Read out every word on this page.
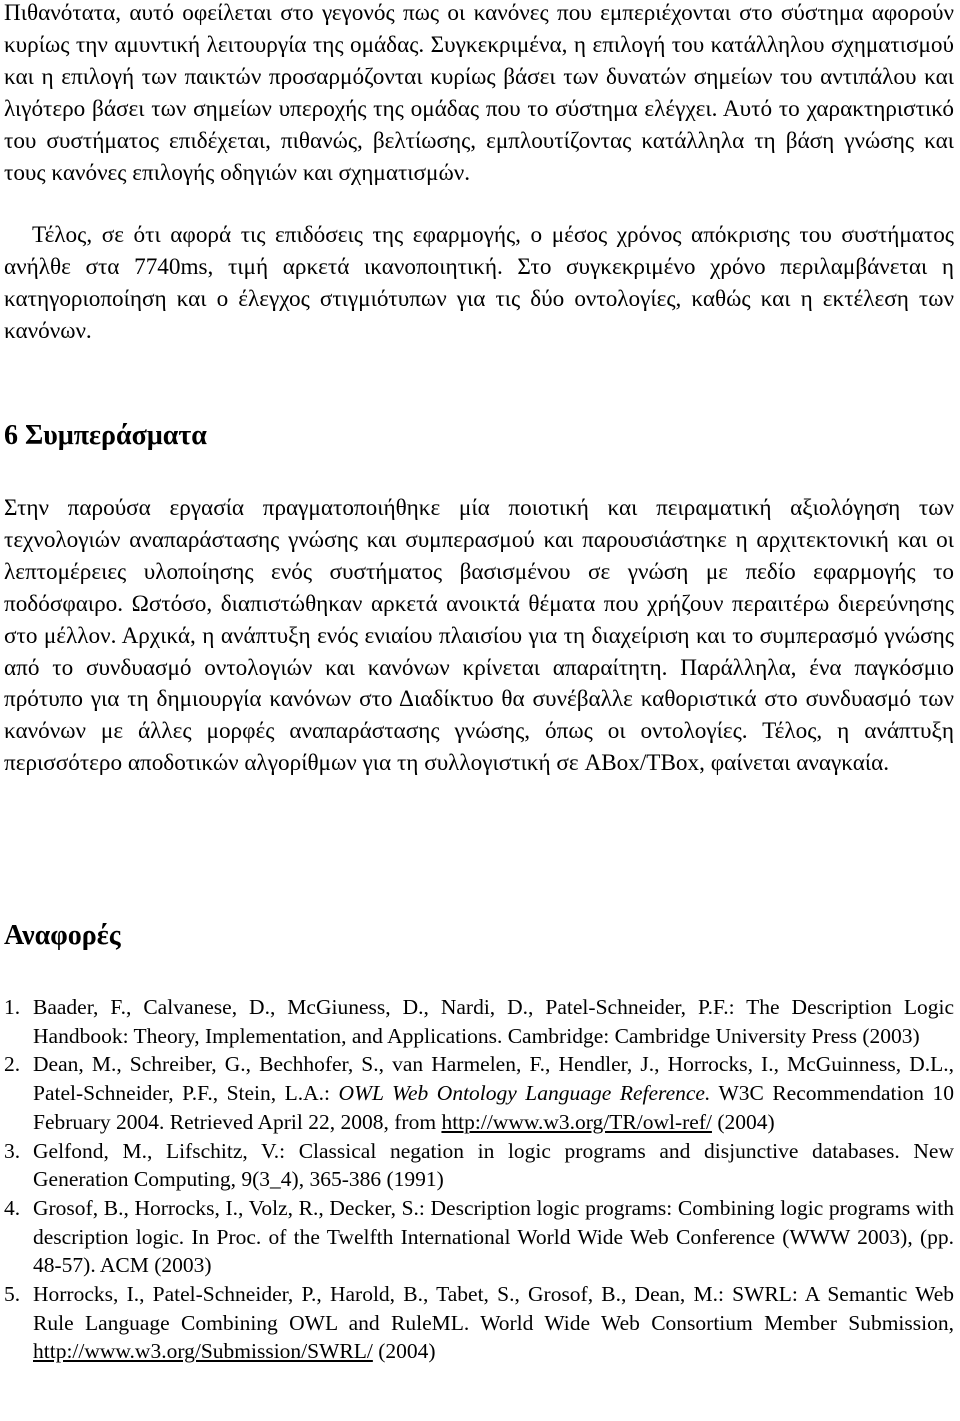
Πιθανότατα, αυτό οφείλεται στο γεγονός πως οι κανόνες που εμπεριέχονται στο σύστημα αφορούν κυρίως την αμυντική λειτουργία της ομάδας. Συγκεκριμένα, η επιλογή του κατάλληλου σχηματισμού και η επιλογή των παικτών προσαρμόζονται κυρίως βάσει των δυνατών σημείων του αντιπάλου και λιγότερο βάσει των σημείων υπεροχής της ομάδας που το σύστημα ελέγχει. Αυτό το χαρακτηριστικό του συστήματος επιδέχεται, πιθανώς, βελτίωσης, εμπλουτίζοντας κατάλληλα τη βάση γνώσης και τους κανόνες επιλογής οδηγιών και σχηματισμών.

Τέλος, σε ότι αφορά τις επιδόσεις της εφαρμογής, ο μέσος χρόνος απόκρισης του συστήματος ανήλθε στα 7740ms, τιμή αρκετά ικανοποιητική. Στο συγκεκριμένο χρόνο περιλαμβάνεται η κατηγοριοποίηση και ο έλεγχος στιγμιότυπων για τις δύο οντολογίες, καθώς και η εκτέλεση των κανόνων.

6 Συμπεράσματα

Στην παρούσα εργασία πραγματοποιήθηκε μία ποιοτική και πειραματική αξιολόγηση των τεχνολογιών αναπαράστασης γνώσης και συμπερασμού και παρουσιάστηκε η αρχιτεκτονική και οι λεπτομέρειες υλοποίησης ενός συστήματος βασισμένου σε γνώση με πεδίο εφαρμογής το ποδόσφαιρο. Ωστόσο, διαπιστώθηκαν αρκετά ανοικτά θέματα που χρήζουν περαιτέρω διερεύνησης στο μέλλον. Αρχικά, η ανάπτυξη ενός ενιαίου πλαισίου για τη διαχείριση και το συμπερασμό γνώσης από το συνδυασμό οντολογιών και κανόνων κρίνεται απαραίτητη. Παράλληλα, ένα παγκόσμιο πρότυπο για τη δημιουργία κανόνων στο Διαδίκτυο θα συνέβαλλε καθοριστικά στο συνδυασμό των κανόνων με άλλες μορφές αναπαράστασης γνώσης, όπως οι οντολογίες. Τέλος, η ανάπτυξη περισσότερο αποδοτικών αλγορίθμων για τη συλλογιστική σε ABox/TBox, φαίνεται αναγκαία.

Αναφορές
1. Baader, F., Calvanese, D., McGiuness, D., Nardi, D., Patel-Schneider, P.F.: The Description Logic Handbook: Theory, Implementation, and Applications. Cambridge: Cambridge University Press (2003)
2. Dean, M., Schreiber, G., Bechhofer, S., van Harmelen, F., Hendler, J., Horrocks, I., McGuinness, D.L., Patel-Schneider, P.F., Stein, L.A.: OWL Web Ontology Language Reference. W3C Recommendation 10 February 2004. Retrieved April 22, 2008, from http://www.w3.org/TR/owl-ref/ (2004)
3. Gelfond, M., Lifschitz, V.: Classical negation in logic programs and disjunctive databases. New Generation Computing, 9(3_4), 365-386 (1991)
4. Grosof, B., Horrocks, I., Volz, R., Decker, S.: Description logic programs: Combining logic programs with description logic. In Proc. of the Twelfth International World Wide Web Conference (WWW 2003), (pp. 48-57). ACM (2003)
5. Horrocks, I., Patel-Schneider, P., Harold, B., Tabet, S., Grosof, B., Dean, M.: SWRL: A Semantic Web Rule Language Combining OWL and RuleML. World Wide Web Consortium Member Submission, http://www.w3.org/Submission/SWRL/ (2004)
